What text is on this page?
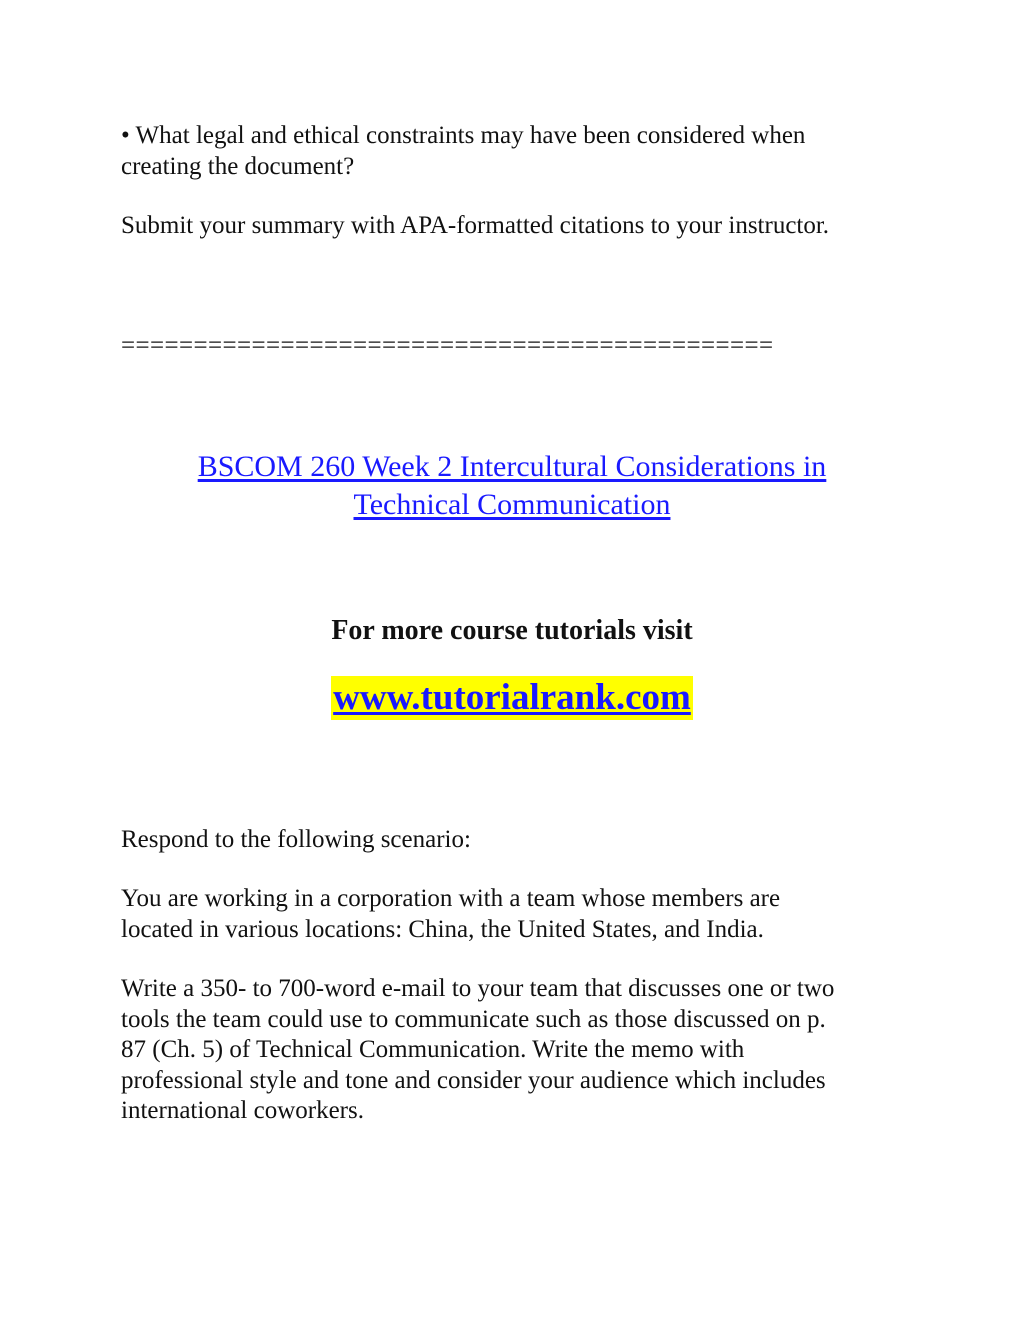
• What legal and ethical constraints may have been considered when
creating the document?

Submit your summary with APA-formatted citations to your instructor.

=============================================

BSCOM 260 Week 2 Intercultural Considerations in
Technical Communication

For more course tutorials visit

www.tutorialrank.com

Respond to the following scenario:

You are working in a corporation with a team whose members are
located in various locations: China, the United States, and India.

Write a 350- to 700-word e-mail to your team that discusses one or two
tools the team could use to communicate such as those discussed on p.
87 (Ch. 5) of Technical Communication. Write the memo with
professional style and tone and consider your audience which includes
international coworkers.
